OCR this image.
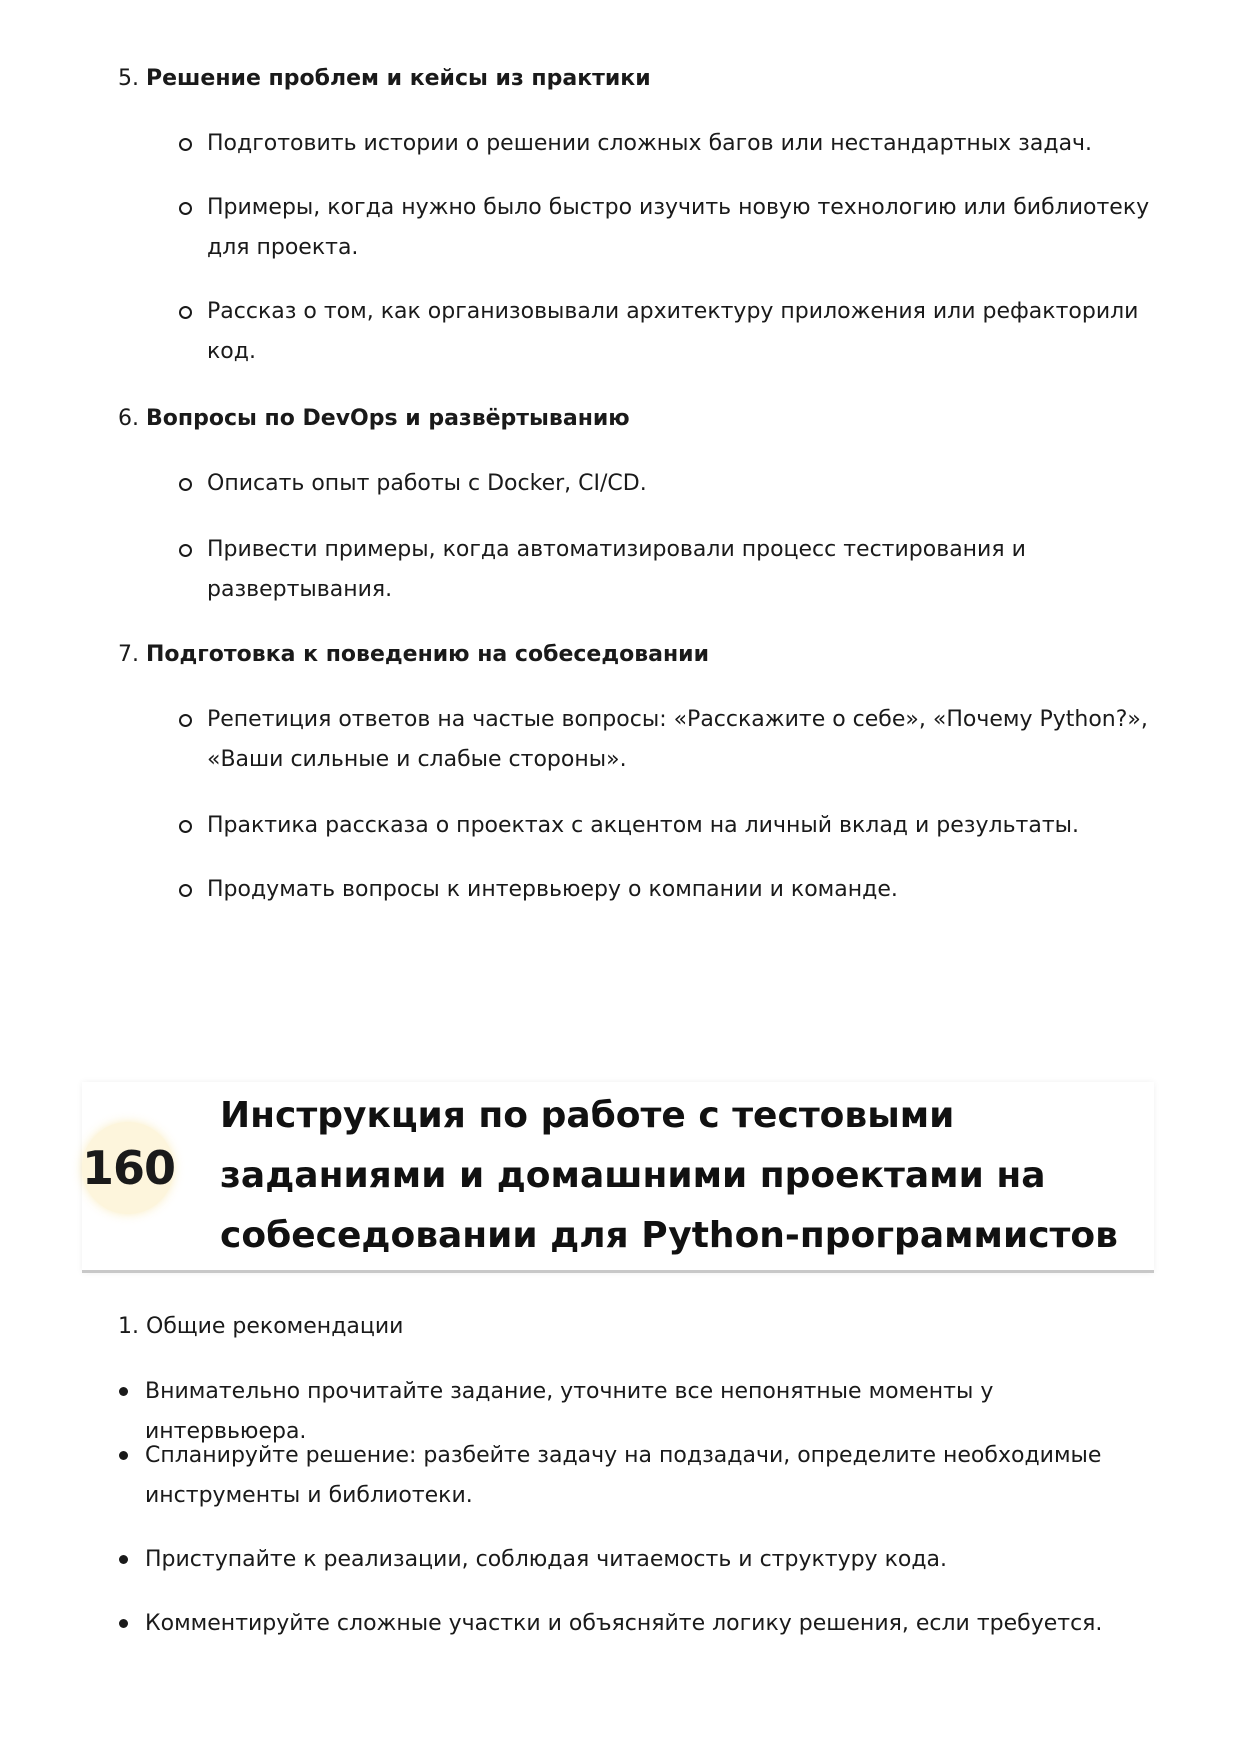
5. Решение проблем и кейсы из практики
Подготовить истории о решении сложных багов или нестандартных задач.
Примеры, когда нужно было быстро изучить новую технологию или библиотеку для проекта.
Рассказ о том, как организовывали архитектуру приложения или рефакторили код.
6. Вопросы по DevOps и развёртыванию
Описать опыт работы с Docker, CI/CD.
Привести примеры, когда автоматизировали процесс тестирования и развертывания.
7. Подготовка к поведению на собеседовании
Репетиция ответов на частые вопросы: «Расскажите о себе», «Почему Python?», «Ваши сильные и слабые стороны».
Практика рассказа о проектах с акцентом на личный вклад и результаты.
Продумать вопросы к интервьюеру о компании и команде.
160
Инструкция по работе с тестовыми заданиями и домашними проектами на собеседовании для Python-программистов
1. Общие рекомендации
Внимательно прочитайте задание, уточните все непонятные моменты у интервьюера.
Спланируйте решение: разбейте задачу на подзадачи, определите необходимые инструменты и библиотеки.
Приступайте к реализации, соблюдая читаемость и структуру кода.
Комментируйте сложные участки и объясняйте логику решения, если требуется.
